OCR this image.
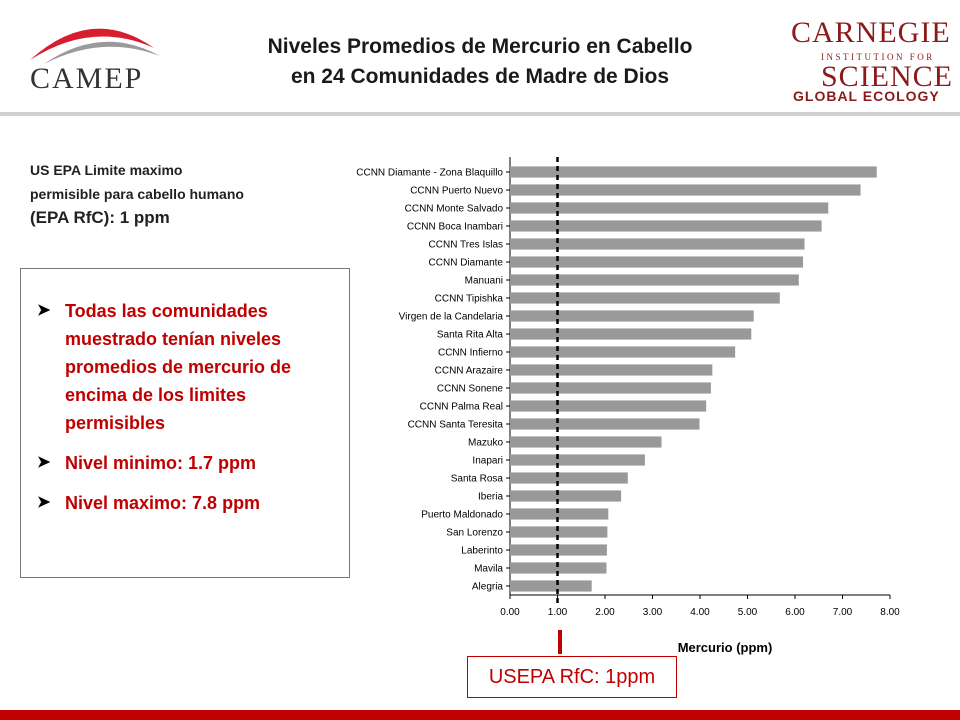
CAMEP
Niveles Promedios de Mercurio en Cabello
en 24 Comunidades de Madre de Dios
CARNEGIE
INSTITUTION FOR
SCIENCE
GLOBAL ECOLOGY
US EPA Limite maximo
permisible para cabello humano
(EPA RfC): 1 ppm
➤ Todas las comunidades muestrado tenían niveles promedios de mercurio de encima de los limites permisibles
➤ Nivel minimo: 1.7 ppm
➤ Nivel maximo: 7.8 ppm
CCNN Diamante - Zona Blaquillo
CCNN Puerto Nuevo
CCNN Monte Salvado
CCNN Boca Inambari
CCNN Tres Islas
CCNN Diamante
Manuani
CCNN Tipishka
Virgen de la Candelaria
Santa Rita Alta
CCNN Infierno
CCNN Arazaire
CCNN Sonene
CCNN Palma Real
CCNN Santa Teresita
Mazuko
Inapari
Santa Rosa
Iberia
Puerto Maldonado
San Lorenzo
Laberinto
Mavila
Alegria
0.00	1.00	2.00	3.00	4.00	5.00	6.00	7.00	8.00
Mercurio (ppm)
USEPA RfC: 1ppm
